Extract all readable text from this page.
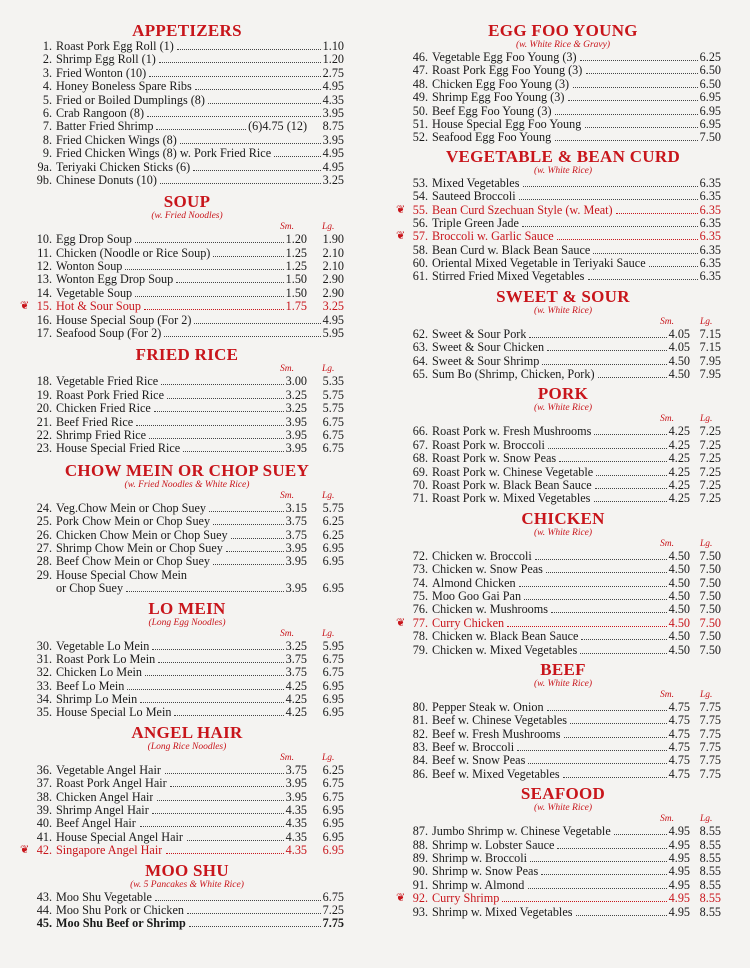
APPETIZERS
1. Roast Pork Egg Roll (1)	1.10
2. Shrimp Egg Roll (1)	1.20
3. Fried Wonton (10)	2.75
4. Honey Boneless Spare Ribs	4.95
5. Fried or Boiled Dumplings (8)	4.35
6. Crab Rangoon (8)	3.95
7. Batter Fried Shrimp	(6)4.75 (12) 8.75
8. Fried Chicken Wings (8)	3.95
9. Fried Chicken Wings (8) w. Pork Fried Rice	4.95
9a. Teriyaki Chicken Sticks (6)	4.95
9b. Chinese Donuts (10)	3.25
SOUP
(w. Fried Noodles)
Sm.	Lg.
10. Egg Drop Soup	1.20 1.90
11. Chicken (Noodle or Rice Soup)	1.25 2.10
12. Wonton Soup	1.25 2.10
13. Wonton Egg Drop Soup	1.50 2.90
14. Vegetable Soup	1.50 2.90
❦ 15. Hot & Sour Soup	1.75 3.25
16. House Special Soup (For 2)	4.95
17. Seafood Soup (For 2)	5.95
FRIED RICE
Sm.	Lg.
18. Vegetable Fried Rice	3.00 5.35
19. Roast Pork Fried Rice	3.25 5.75
20. Chicken Fried Rice	3.25 5.75
21. Beef Fried Rice	3.95 6.75
22. Shrimp Fried Rice	3.95 6.75
23. House Special Fried Rice	3.95 6.75
CHOW MEIN OR CHOP SUEY
(w. Fried Noodles & White Rice)
Sm.	Lg.
24. Veg.Chow Mein or Chop Suey	3.15 5.75
25. Pork Chow Mein or Chop Suey	3.75 6.25
26. Chicken Chow Mein or Chop Suey	3.75 6.25
27. Shrimp Chow Mein or Chop Suey	3.95 6.95
28. Beef Chow Mein or Chop Suey	3.95 6.95
29. House Special Chow Mein
or Chop Suey	3.95 6.95
LO MEIN
(Long Egg Noodles)
Sm.	Lg.
30. Vegetable Lo Mein	3.25 5.95
31. Roast Pork Lo Mein	3.75 6.75
32. Chicken Lo Mein	3.75 6.75
33. Beef Lo Mein	4.25 6.95
34. Shrimp Lo Mein	4.25 6.95
35. House Special Lo Mein	4.25 6.95
ANGEL HAIR
(Long Rice Noodles)
Sm.	Lg.
36. Vegetable Angel Hair	3.75 6.25
37. Roast Pork Angel Hair	3.95 6.75
38. Chicken Angel Hair	3.95 6.75
39. Shrimp Angel Hair	4.35 6.95
40. Beef Angel Hair	4.35 6.95
41. House Special Angel Hair	4.35 6.95
❦ 42. Singapore Angel Hair	4.35 6.95
MOO SHU
(w. 5 Pancakes & White Rice)
43. Moo Shu Vegetable	6.75
44. Moo Shu Pork or Chicken	7.25
45. Moo Shu Beef or Shrimp	7.75
EGG FOO YOUNG
(w. White Rice & Gravy)
46. Vegetable Egg Foo Young (3)	6.25
47. Roast Pork Egg Foo Young (3)	6.50
48. Chicken Egg Foo Young (3)	6.50
49. Shrimp Egg Foo Young (3)	6.95
50. Beef Egg Foo Young (3)	6.95
51. House Special Egg Foo Young	6.95
52. Seafood Egg Foo Young	7.50
VEGETABLE & BEAN CURD
(w. White Rice)
53. Mixed Vegetables	6.35
54. Sauteed Broccoli	6.35
❦ 55. Bean Curd Szechuan Style (w. Meat)	6.35
56. Triple Green Jade	6.35
❦ 57. Broccoli w. Garlic Sauce	6.35
58. Bean Curd w. Black Bean Sauce	6.35
60. Oriental Mixed Vegetable in Teriyaki Sauce	6.35
61. Stirred Fried Mixed Vegetables	6.35
SWEET & SOUR
(w. White Rice)
Sm.	Lg.
62. Sweet & Sour Pork	4.05 7.15
63. Sweet & Sour Chicken	4.05 7.15
64. Sweet & Sour Shrimp	4.50 7.95
65. Sum Bo (Shrimp, Chicken, Pork)	4.50 7.95
PORK
(w. White Rice)
Sm.	Lg.
66. Roast Pork w. Fresh Mushrooms	4.25 7.25
67. Roast Pork w. Broccoli	4.25 7.25
68. Roast Pork w. Snow Peas	4.25 7.25
69. Roast Pork w. Chinese Vegetable	4.25 7.25
70. Roast Pork w. Black Bean Sauce	4.25 7.25
71. Roast Pork w. Mixed Vegetables	4.25 7.25
CHICKEN
(w. White Rice)
Sm.	Lg.
72. Chicken w. Broccoli	4.50 7.50
73. Chicken w. Snow Peas	4.50 7.50
74. Almond Chicken	4.50 7.50
75. Moo Goo Gai Pan	4.50 7.50
76. Chicken w. Mushrooms	4.50 7.50
❦ 77. Curry Chicken	4.50 7.50
78. Chicken w. Black Bean Sauce	4.50 7.50
79. Chicken w. Mixed Vegetables	4.50 7.50
BEEF
(w. White Rice)
Sm.	Lg.
80. Pepper Steak w. Onion	4.75 7.75
81. Beef w. Chinese Vegetables	4.75 7.75
82. Beef w. Fresh Mushrooms	4.75 7.75
83. Beef w. Broccoli	4.75 7.75
84. Beef w. Snow Peas	4.75 7.75
86. Beef w. Mixed Vegetables	4.75 7.75
SEAFOOD
(w. White Rice)
Sm.	Lg.
87. Jumbo Shrimp w. Chinese Vegetable	4.95 8.55
88. Shrimp w. Lobster Sauce	4.95 8.55
89. Shrimp w. Broccoli	4.95 8.55
90. Shrimp w. Snow Peas	4.95 8.55
91. Shrimp w. Almond	4.95 8.55
❦ 92. Curry Shrimp	4.95 8.55
93. Shrimp w. Mixed Vegetables	4.95 8.55
